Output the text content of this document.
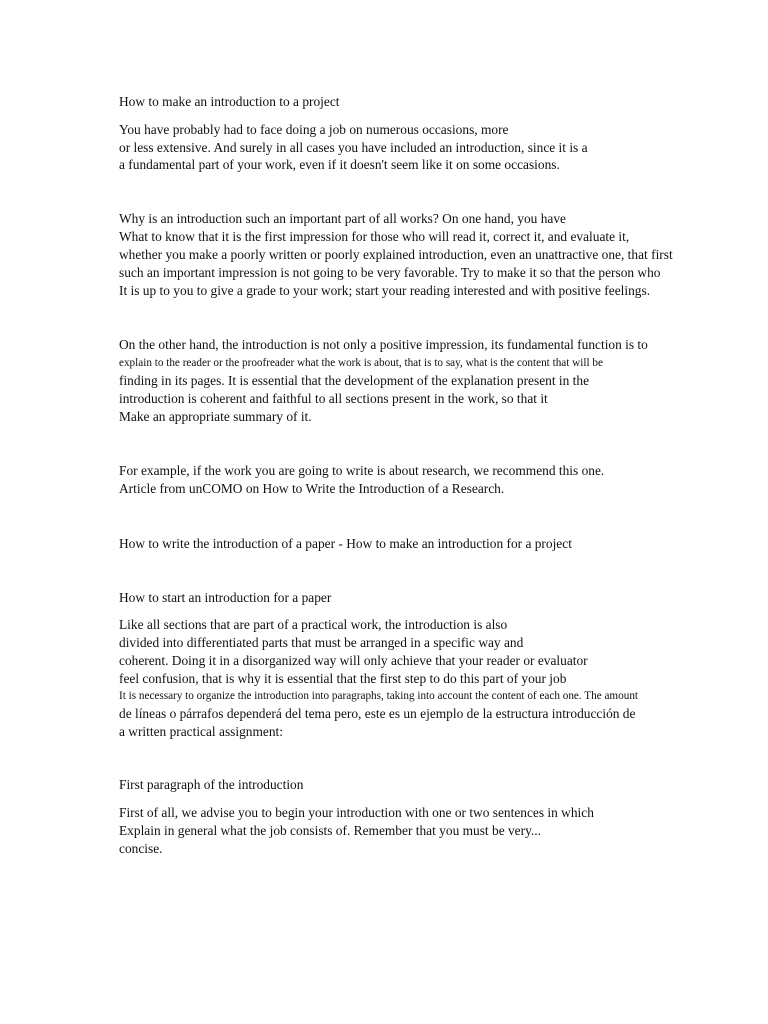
How to make an introduction to a project
You have probably had to face doing a job on numerous occasions, more
or less extensive. And surely in all cases you have included an introduction, since it is a
a fundamental part of your work, even if it doesn't seem like it on some occasions.
Why is an introduction such an important part of all works? On one hand, you have
What to know that it is the first impression for those who will read it, correct it, and evaluate it,
whether you make a poorly written or poorly explained introduction, even an unattractive one, that first
such an important impression is not going to be very favorable. Try to make it so that the person who
It is up to you to give a grade to your work; start your reading interested and with positive feelings.
On the other hand, the introduction is not only a positive impression, its fundamental function is to
explain to the reader or the proofreader what the work is about, that is to say, what is the content that will be
finding in its pages. It is essential that the development of the explanation present in the
introduction is coherent and faithful to all sections present in the work, so that it
Make an appropriate summary of it.
For example, if the work you are going to write is about research, we recommend this one.
Article from unCOMO on How to Write the Introduction of a Research.
How to write the introduction of a paper - How to make an introduction for a project
How to start an introduction for a paper
Like all sections that are part of a practical work, the introduction is also
divided into differentiated parts that must be arranged in a specific way and
coherent. Doing it in a disorganized way will only achieve that your reader or evaluator
feel confusion, that is why it is essential that the first step to do this part of your job
It is necessary to organize the introduction into paragraphs, taking into account the content of each one. The amount
de líneas o párrafos dependerá del tema pero, este es un ejemplo de la estructura introducción de
a written practical assignment:
First paragraph of the introduction
First of all, we advise you to begin your introduction with one or two sentences in which
Explain in general what the job consists of. Remember that you must be very...
concise.
